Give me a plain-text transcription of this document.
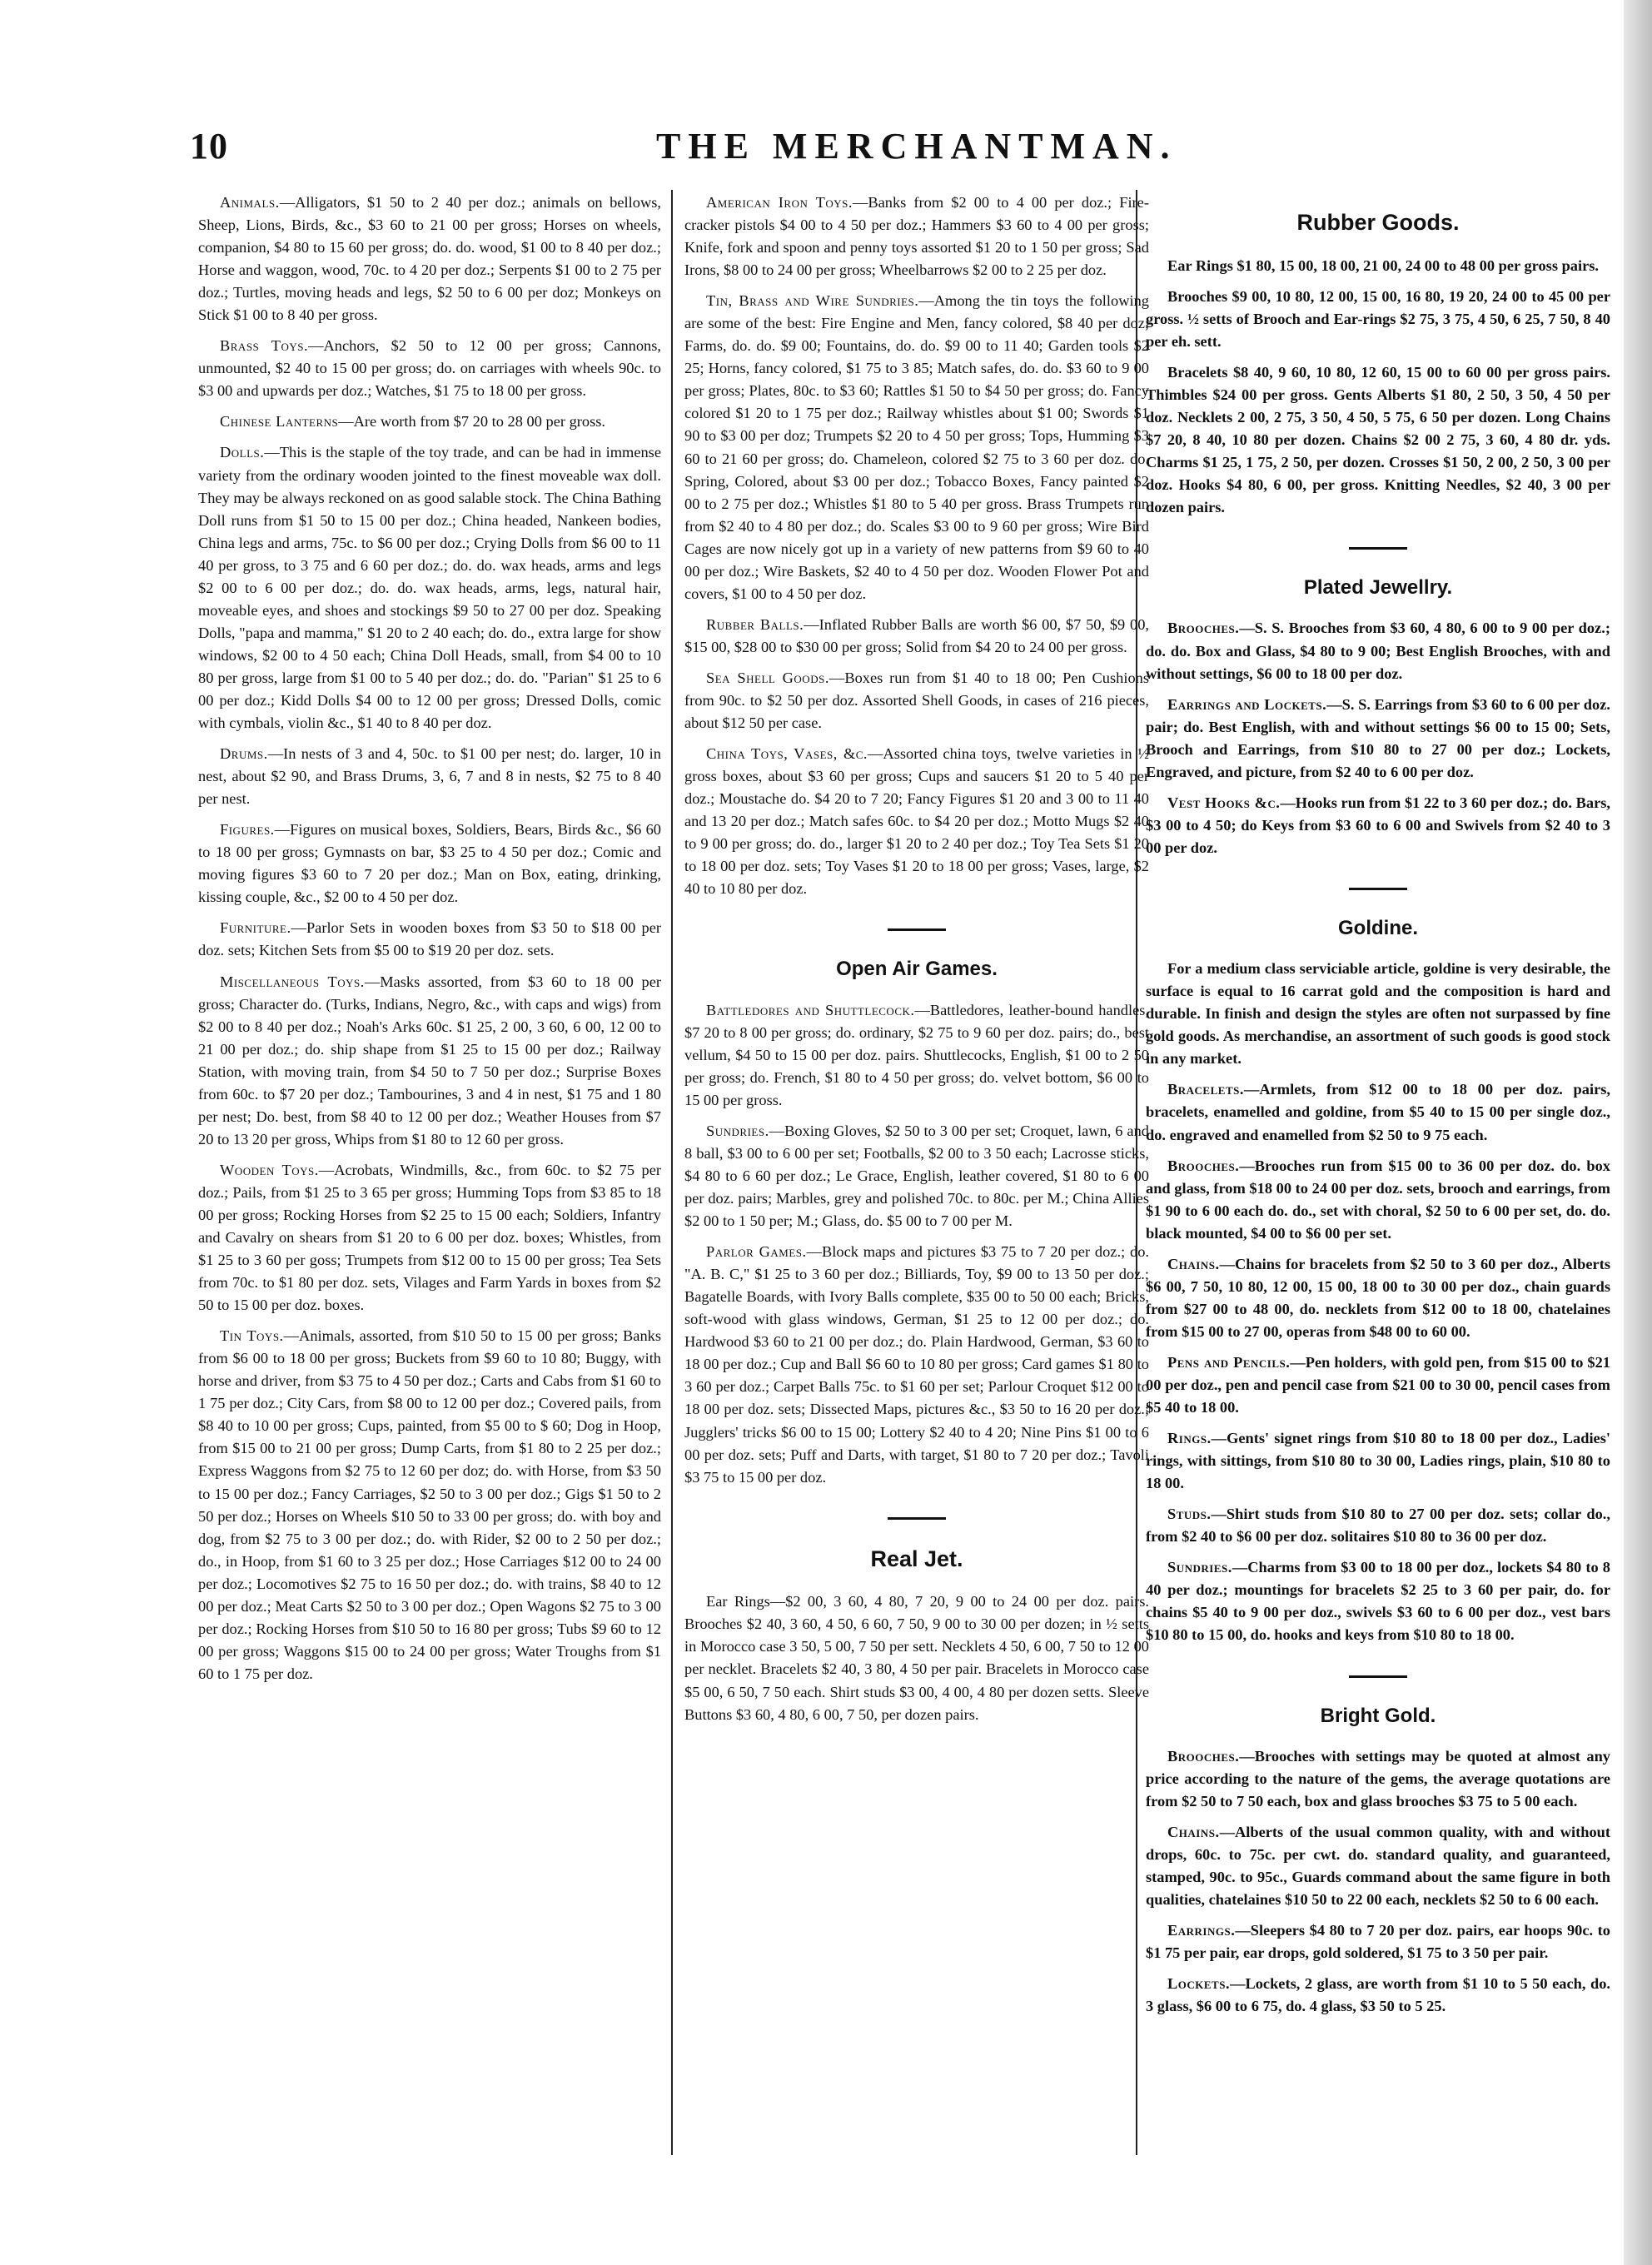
10	THE MERCHANTMAN.

Animals.—Alligators, $1 50 to 2 40 per doz.; animals on bellows, Sheep, Lions, Birds, &c., $3 60 to 21 00 per gross; Horses on wheels, companion, $4 80 to 15 60 per gross; do. do. wood, $1 00 to 8 40 per doz.; Horse and waggon, wood, 70c. to 4 20 per doz.; Serpents $1 00 to 2 75 per doz.; Turtles, moving heads and legs, $2 50 to 6 00 per doz; Monkeys on Stick $1 00 to 8 40 per gross.

Brass Toys.—Anchors, $2 50 to 12 00 per gross; Cannons, unmounted, $2 40 to 15 00 per gross; do. on carriages with wheels 90c. to $3 00 and upwards per doz.; Watches, $1 75 to 18 00 per gross.

Chinese Lanterns—Are worth from $7 20 to 28 00 per gross.

Dolls.—This is the staple of the toy trade, and can be had in immense variety from the ordinary wooden jointed to the finest moveable wax doll. They may be always reckoned on as good salable stock. The China Bathing Doll runs from $1 50 to 15 00 per doz.; China headed, Nankeen bodies, China legs and arms, 75c. to $6 00 per doz.; Crying Dolls from $6 00 to 11 40 per gross, to 3 75 and 6 60 per doz.; do. do. wax heads, arms and legs $2 00 to 6 00 per doz.; do. do. wax heads, arms, legs, natural hair, moveable eyes, and shoes and stockings $9 50 to 27 00 per doz. Speaking Dolls, "papa and mamma," $1 20 to 2 40 each; do. do., extra large for show windows, $2 00 to 4 50 each; China Doll Heads, small, from $4 00 to 10 80 per gross, large from $1 00 to 5 40 per doz.; do. do. "Parian" $1 25 to 6 00 per doz.; Kidd Dolls $4 00 to 12 00 per gross; Dressed Dolls, comic with cymbals, violin &c., $1 40 to 8 40 per doz.

Drums.—In nests of 3 and 4, 50c. to $1 00 per nest; do. larger, 10 in nest, about $2 90, and Brass Drums, 3, 6, 7 and 8 in nests, $2 75 to 8 40 per nest.

Figures.—Figures on musical boxes, Soldiers, Bears, Birds &c., $6 60 to 18 00 per gross; Gymnasts on bar, $3 25 to 4 50 per doz.; Comic and moving figures $3 60 to 7 20 per doz.; Man on Box, eating, drinking, kissing couple, &c., $2 00 to 4 50 per doz.

Furniture.—Parlor Sets in wooden boxes from $3 50 to $18 00 per doz. sets; Kitchen Sets from $5 00 to $19 20 per doz. sets.

Miscellaneous Toys.—Masks assorted, from $3 60 to 18 00 per gross; Character do. (Turks, Indians, Negro, &c., with caps and wigs) from $2 00 to 8 40 per doz.; Noah's Arks 60c. $1 25, 2 00, 3 60, 6 00, 12 00 to 21 00 per doz.; do. ship shape from $1 25 to 15 00 per doz.; Railway Station, with moving train, from $4 50 to 7 50 per doz.; Surprise Boxes from 60c. to $7 20 per doz.; Tambourines, 3 and 4 in nest, $1 75 and 1 80 per nest; Do. best, from $8 40 to 12 00 per doz.; Weather Houses from $7 20 to 13 20 per gross, Whips from $1 80 to 12 60 per gross.

Wooden Toys.—Acrobats, Windmills, &c., from 60c. to $2 75 per doz.; Pails, from $1 25 to 3 65 per gross; Humming Tops from $3 85 to 18 00 per gross; Rocking Horses from $2 25 to 15 00 each; Soldiers, Infantry and Cavalry on shears from $1 20 to 6 00 per doz. boxes; Whistles, from $1 25 to 3 60 per goss; Trumpets from $12 00 to 15 00 per gross; Tea Sets from 70c. to $1 80 per doz. sets, Vilages and Farm Yards in boxes from $2 50 to 15 00 per doz. boxes.

Tin Toys.—Animals, assorted, from $10 50 to 15 00 per gross; Banks from $6 00 to 18 00 per gross; Buckets from $9 60 to 10 80; Buggy, with horse and driver, from $3 75 to 4 50 per doz.; Carts and Cabs from $1 60 to 1 75 per doz.; City Cars, from $8 00 to 12 00 per doz.; Covered pails, from $8 40 to 10 00 per gross; Cups, painted, from $5 00 to $ 60; Dog in Hoop, from $15 00 to 21 00 per gross; Dump Carts, from $1 80 to 2 25 per doz.; Express Waggons from $2 75 to 12 60 per doz; do. with Horse, from $3 50 to 15 00 per doz.; Fancy Carriages, $2 50 to 3 00 per doz.; Gigs $1 50 to 2 50 per doz.; Horses on Wheels $10 50 to 33 00 per gross; do. with boy and dog, from $2 75 to 3 00 per doz.; do. with Rider, $2 00 to 2 50 per doz.; do., in Hoop, from $1 60 to 3 25 per doz.; Hose Carriages $12 00 to 24 00 per doz.; Locomotives $2 75 to 16 50 per doz.; do. with trains, $8 40 to 12 00 per doz.; Meat Carts $2 50 to 3 00 per doz.; Open Wagons $2 75 to 3 00 per doz.; Rocking Horses from $10 50 to 16 80 per gross; Tubs $9 60 to 12 00 per gross; Waggons $15 00 to 24 00 per gross; Water Troughs from $1 60 to 1 75 per doz.

American Iron Toys.—Banks from $2 00 to 4 00 per doz.; Fire-cracker pistols $4 00 to 4 50 per doz.; Hammers $3 60 to 4 00 per gross; Knife, fork and spoon and penny toys assorted $1 20 to 1 50 per gross; Sad Irons, $8 00 to 24 00 per gross; Wheelbarrows $2 00 to 2 25 per doz.

Tin, Brass and Wire Sundries.—Among the tin toys the following are some of the best: Fire Engine and Men, fancy colored, $8 40 per doz; Farms, do. do. $9 00; Fountains, do. do. $9 00 to 11 40; Garden tools $2 25; Horns, fancy colored, $1 75 to 3 85; Match safes, do. do. $3 60 to 9 00 per gross; Plates, 80c. to $3 60; Rattles $1 50 to $4 50 per gross; do. Fancy colored $1 20 to 1 75 per doz.; Railway whistles about $1 00; Swords $1 90 to $3 00 per doz; Trumpets $2 20 to 4 50 per gross; Tops, Humming $3 60 to 21 60 per gross; do. Chameleon, colored $2 75 to 3 60 per doz. do. Spring, Colored, about $3 00 per doz.; Tobacco Boxes, Fancy painted $2 00 to 2 75 per doz.; Whistles $1 80 to 5 40 per gross. Brass Trumpets run from $2 40 to 4 80 per doz.; do. Scales $3 00 to 9 60 per gross; Wire Bird Cages are now nicely got up in a variety of new patterns from $9 60 to 40 00 per doz.; Wire Baskets, $2 40 to 4 50 per doz. Wooden Flower Pot and covers, $1 00 to 4 50 per doz.

Rubber Balls.—Inflated Rubber Balls are worth $6 00, $7 50, $9 00, $15 00, $28 00 to $30 00 per gross; Solid from $4 20 to 24 00 per gross.

Sea Shell Goods.—Boxes run from $1 40 to 18 00; Pen Cushions from 90c. to $2 50 per doz. Assorted Shell Goods, in cases of 216 pieces, about $12 50 per case.

China Toys, Vases, &c.—Assorted china toys, twelve varieties in ½ gross boxes, about $3 60 per gross; Cups and saucers $1 20 to 5 40 per doz.; Moustache do. $4 20 to 7 20; Fancy Figures $1 20 and 3 00 to 11 40 and 13 20 per doz.; Match safes 60c. to $4 20 per doz.; Motto Mugs $2 40 to 9 00 per gross; do. do., larger $1 20 to 2 40 per doz.; Toy Tea Sets $1 20 to 18 00 per doz. sets; Toy Vases $1 20 to 18 00 per gross; Vases, large, $2 40 to 10 80 per doz.

Open Air Games.

Battledores and Shuttlecock.—Battledores, leather-bound handles, $7 20 to 8 00 per gross; do. ordinary, $2 75 to 9 60 per doz. pairs; do., best vellum, $4 50 to 15 00 per doz. pairs. Shuttlecocks, English, $1 00 to 2 50 per gross; do. French, $1 80 to 4 50 per gross; do. velvet bottom, $6 00 to 15 00 per gross.

Sundries.—Boxing Gloves, $2 50 to 3 00 per set; Croquet, lawn, 6 and 8 ball, $3 00 to 6 00 per set; Footballs, $2 00 to 3 50 each; Lacrosse sticks, $4 80 to 6 60 per doz.; Le Grace, English, leather covered, $1 80 to 6 00 per doz. pairs; Marbles, grey and polished 70c. to 80c. per M.; China Allies $2 00 to 1 50 per; M.; Glass, do. $5 00 to 7 00 per M.

Parlor Games.—Block maps and pictures $3 75 to 7 20 per doz.; do. "A. B. C," $1 25 to 3 60 per doz.; Billiards, Toy, $9 00 to 13 50 per doz.; Bagatelle Boards, with Ivory Balls complete, $35 00 to 50 00 each; Bricks, soft-wood with glass windows, German, $1 25 to 12 00 per doz.; do. Hardwood $3 60 to 21 00 per doz.; do. Plain Hardwood, German, $3 60 to 18 00 per doz.; Cup and Ball $6 60 to 10 80 per gross; Card games $1 80 to 3 60 per doz.; Carpet Balls 75c. to $1 60 per set; Parlour Croquet $12 00 to 18 00 per doz. sets; Dissected Maps, pictures &c., $3 50 to 16 20 per doz.; Jugglers' tricks $6 00 to 15 00; Lottery $2 40 to 4 20; Nine Pins $1 00 to 6 00 per doz. sets; Puff and Darts, with target, $1 80 to 7 20 per doz.; Tavoli $3 75 to 15 00 per doz.

Real Jet.

Ear Rings—$2 00, 3 60, 4 80, 7 20, 9 00 to 24 00 per doz. pairs. Brooches $2 40, 3 60, 4 50, 6 60, 7 50, 9 00 to 30 00 per dozen; in ½ setts in Morocco case 3 50, 5 00, 7 50 per sett. Necklets 4 50, 6 00, 7 50 to 12 00 per necklet. Bracelets $2 40, 3 80, 4 50 per pair. Bracelets in Morocco case $5 00, 6 50, 7 50 each. Shirt studs $3 00, 4 00, 4 80 per dozen setts. Sleeve Buttons $3 60, 4 80, 6 00, 7 50, per dozen pairs.

Rubber Goods.

Ear Rings $1 80, 15 00, 18 00, 21 00, 24 00 to 48 00 per gross pairs.

Brooches $9 00, 10 80, 12 00, 15 00, 16 80, 19 20, 24 00 to 45 00 per gross. ½ setts of Brooch and Ear-rings $2 75, 3 75, 4 50, 6 25, 7 50, 8 40 per eh. sett.

Bracelets $8 40, 9 60, 10 80, 12 60, 15 00 to 60 00 per gross pairs. Thimbles $24 00 per gross. Gents Alberts $1 80, 2 50, 3 50, 4 50 per doz. Necklets 2 00, 2 75, 3 50, 4 50, 5 75, 6 50 per dozen. Long Chains $7 20, 8 40, 10 80 per dozen. Chains $2 00 2 75, 3 60, 4 80 dr. yds. Charms $1 25, 1 75, 2 50, per dozen. Crosses $1 50, 2 00, 2 50, 3 00 per doz. Hooks $4 80, 6 00, per gross. Knitting Needles, $2 40, 3 00 per dozen pairs.

Plated Jewellry.

Brooches.—S. S. Brooches from $3 60, 4 80, 6 00 to 9 00 per doz.; do. do. Box and Glass, $4 80 to 9 00; Best English Brooches, with and without settings, $6 00 to 18 00 per doz.

Earrings and Lockets.—S. S. Earrings from $3 60 to 6 00 per doz. pair; do. Best English, with and without settings $6 00 to 15 00; Sets, Brooch and Earrings, from $10 80 to 27 00 per doz.; Lockets, Engraved, and picture, from $2 40 to 6 00 per doz.

Vest Hooks &c.—Hooks run from $1 22 to 3 60 per doz.; do. Bars, $3 00 to 4 50; do Keys from $3 60 to 6 00 and Swivels from $2 40 to 3 00 per doz.

Goldine.

For a medium class serviciable article, goldine is very desirable, the surface is equal to 16 carrat gold and the composition is hard and durable. In finish and design the styles are often not surpassed by fine gold goods. As merchandise, an assortment of such goods is good stock in any market.

Bracelets.—Armlets, from $12 00 to 18 00 per doz. pairs, bracelets, enamelled and goldine, from $5 40 to 15 00 per single doz., do. engraved and enamelled from $2 50 to 9 75 each.

Brooches.—Brooches run from $15 00 to 36 00 per doz. do. box and glass, from $18 00 to 24 00 per doz. sets, brooch and earrings, from $1 90 to 6 00 each do. do., set with choral, $2 50 to 6 00 per set, do. do. black mounted, $4 00 to $6 00 per set.

Chains.—Chains for bracelets from $2 50 to 3 60 per doz., Alberts $6 00, 7 50, 10 80, 12 00, 15 00, 18 00 to 30 00 per doz., chain guards from $27 00 to 48 00, do. necklets from $12 00 to 18 00, chatelaines from $15 00 to 27 00, operas from $48 00 to 60 00.

Pens and Pencils.—Pen holders, with gold pen, from $15 00 to $21 00 per doz., pen and pencil case from $21 00 to 30 00, pencil cases from $5 40 to 18 00.

Rings.—Gents' signet rings from $10 80 to 18 00 per doz., Ladies' rings, with sittings, from $10 80 to 30 00, Ladies rings, plain, $10 80 to 18 00.

Studs.—Shirt studs from $10 80 to 27 00 per doz. sets; collar do., from $2 40 to $6 00 per doz. solitaires $10 80 to 36 00 per doz.

Sundries.—Charms from $3 00 to 18 00 per doz., lockets $4 80 to 8 40 per doz.; mountings for bracelets $2 25 to 3 60 per pair, do. for chains $5 40 to 9 00 per doz., swivels $3 60 to 6 00 per doz., vest bars $10 80 to 15 00, do. hooks and keys from $10 80 to 18 00.

Bright Gold.

Brooches.—Brooches with settings may be quoted at almost any price according to the nature of the gems, the average quotations are from $2 50 to 7 50 each, box and glass brooches $3 75 to 5 00 each.

Chains.—Alberts of the usual common quality, with and without drops, 60c. to 75c. per cwt. do. standard quality, and guaranteed, stamped, 90c. to 95c., Guards command about the same figure in both qualities, chatelaines $10 50 to 22 00 each, necklets $2 50 to 6 00 each.

Earrings.—Sleepers $4 80 to 7 20 per doz. pairs, ear hoops 90c. to $1 75 per pair, ear drops, gold soldered, $1 75 to 3 50 per pair.

Lockets.—Lockets, 2 glass, are worth from $1 10 to 5 50 each, do. 3 glass, $6 00 to 6 75, do. 4 glass, $3 50 to 5 25.
